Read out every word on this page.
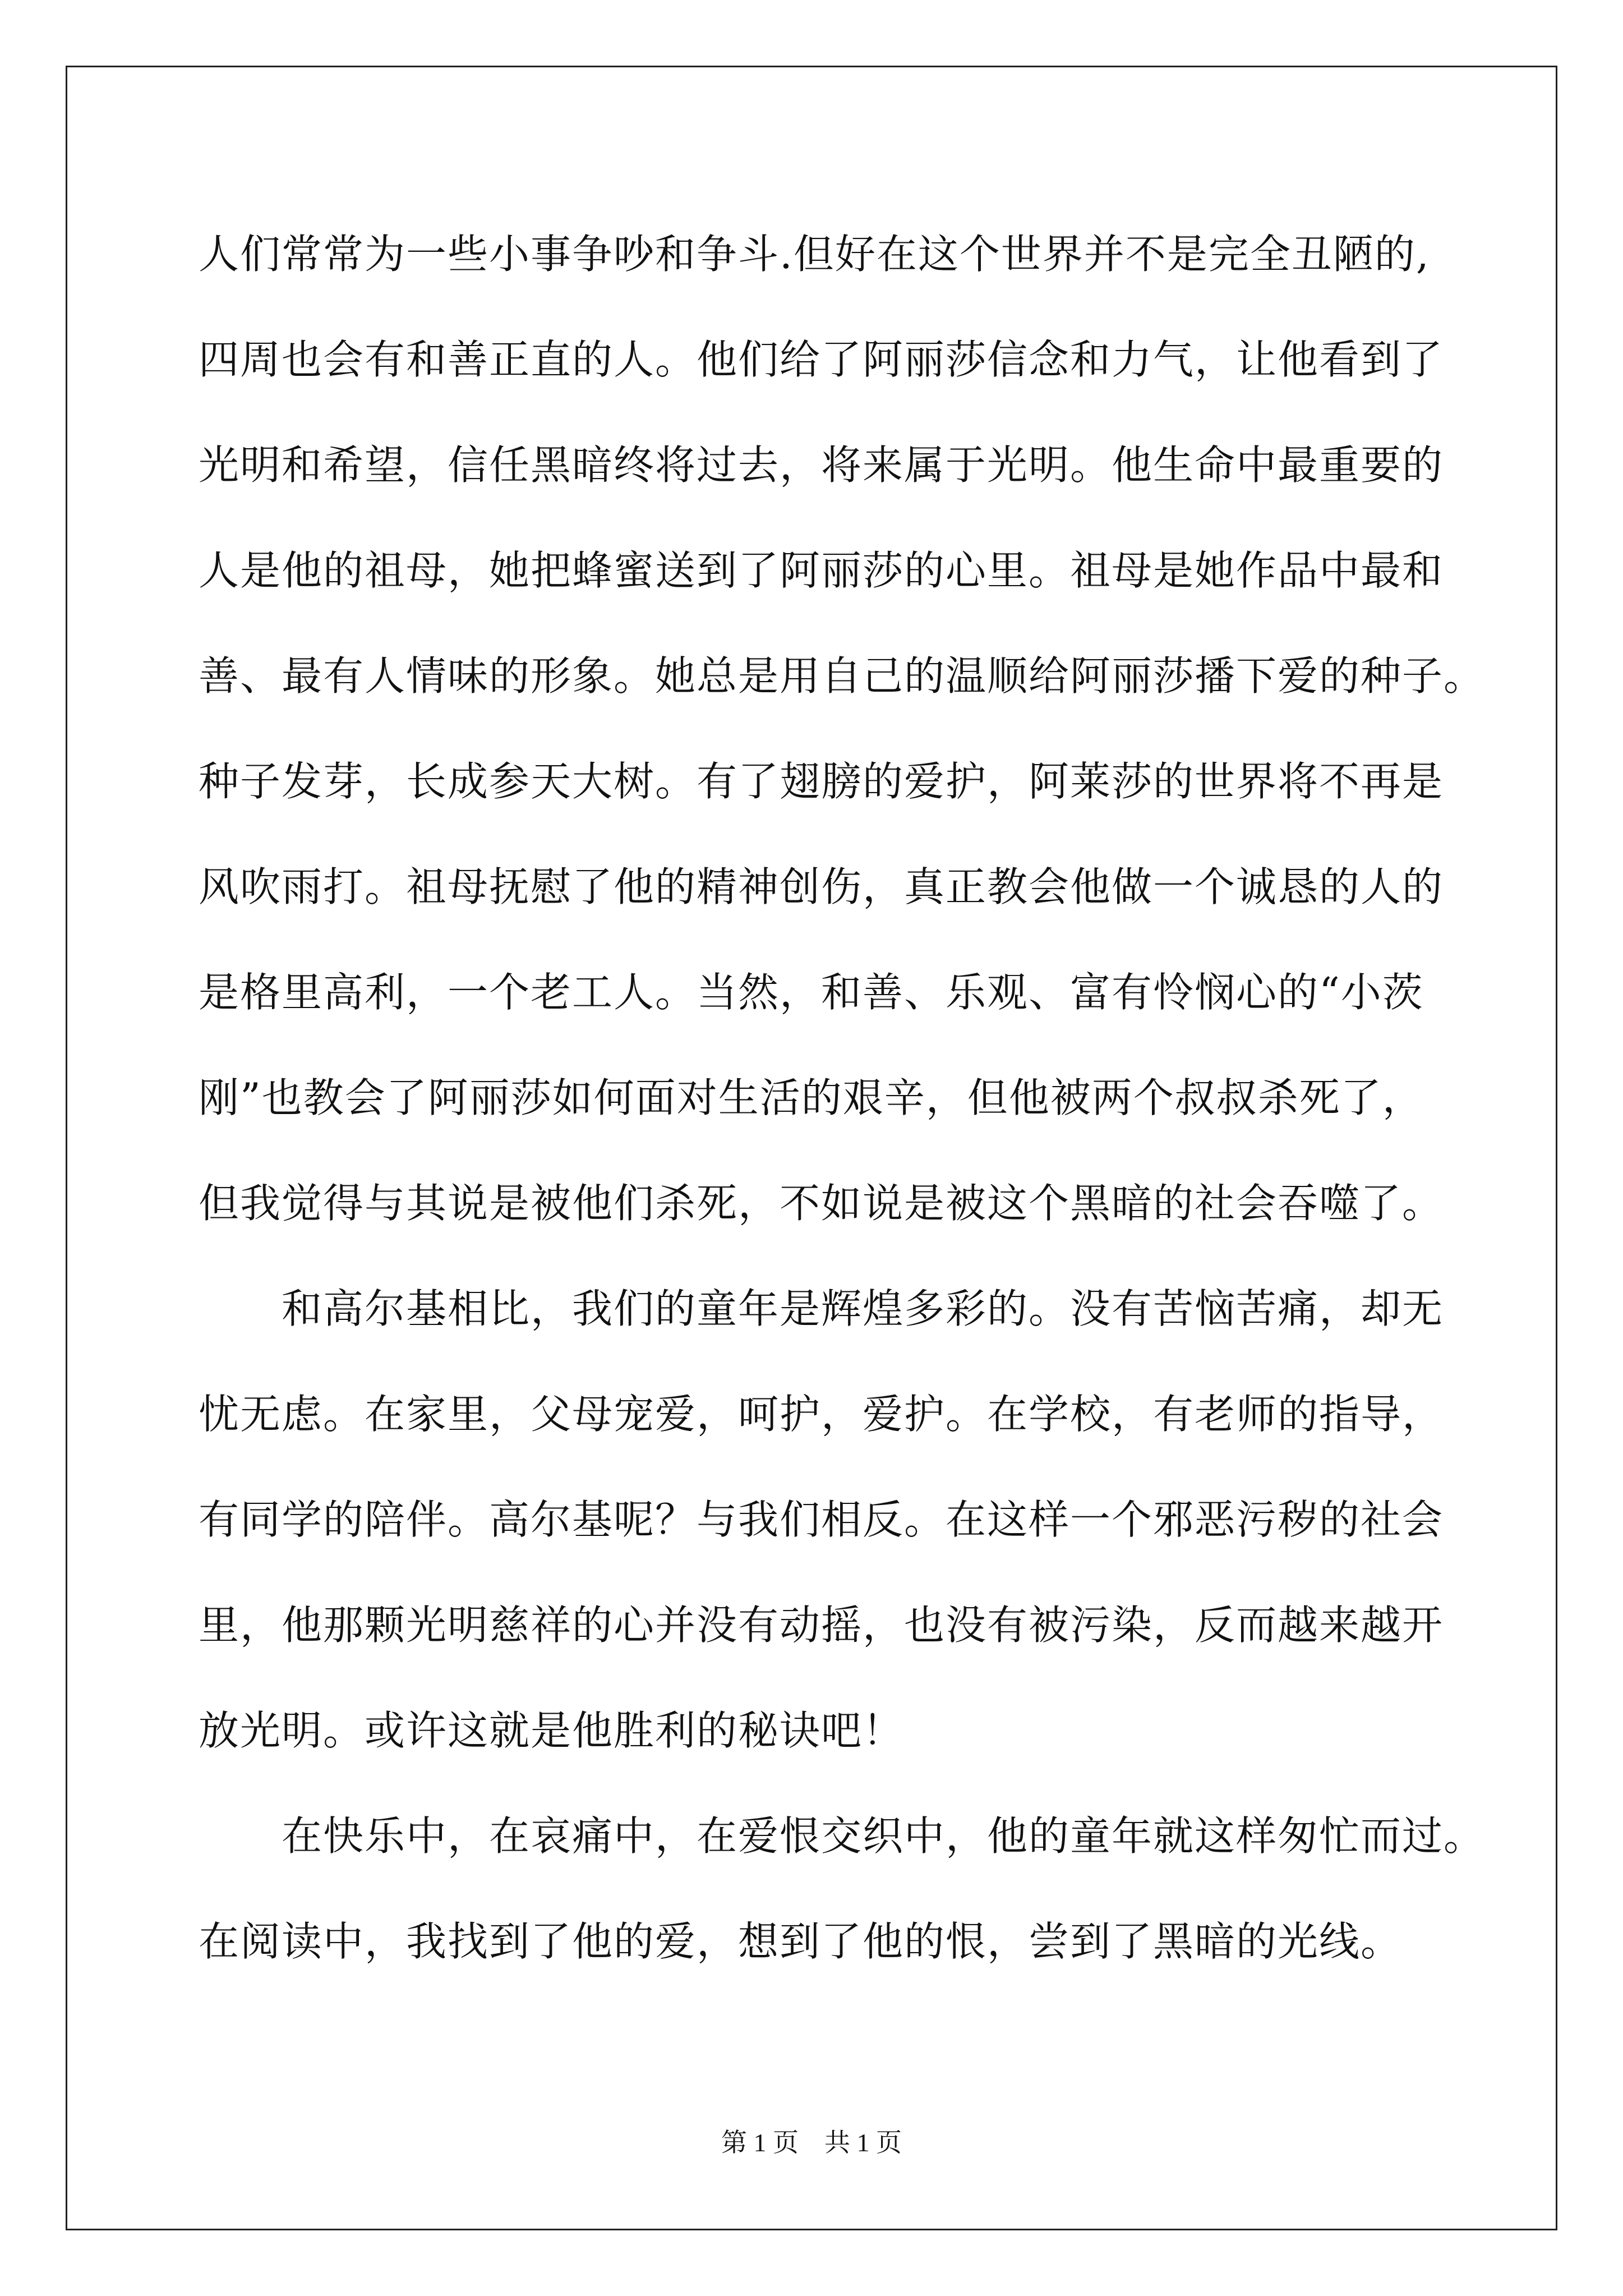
人们常常为一些小事争吵和争斗.但好在这个世界并不是完全丑陋的,
四周也会有和善正直的人。他们给了阿丽莎信念和力气，让他看到了
光明和希望，信任黑暗终将过去，将来属于光明。他生命中最重要的
人是他的祖母，她把蜂蜜送到了阿丽莎的心里。祖母是她作品中最和
善、最有人情味的形象。她总是用自己的温顺给阿丽莎播下爱的种子。
种子发芽，长成参天大树。有了翅膀的爱护，阿莱莎的世界将不再是
风吹雨打。祖母抚慰了他的精神创伤，真正教会他做一个诚恳的人的
是格里高利，一个老工人。当然，和善、乐观、富有怜悯心的“小茨
刚”也教会了阿丽莎如何面对生活的艰辛，但他被两个叔叔杀死了，
但我觉得与其说是被他们杀死，不如说是被这个黑暗的社会吞噬了。
　　和高尔基相比，我们的童年是辉煌多彩的。没有苦恼苦痛，却无
忧无虑。在家里，父母宠爱，呵护，爱护。在学校，有老师的指导，
有同学的陪伴。高尔基呢？与我们相反。在这样一个邪恶污秽的社会
里，他那颗光明慈祥的心并没有动摇，也没有被污染，反而越来越开
放光明。或许这就是他胜利的秘诀吧！
　　在快乐中，在哀痛中，在爱恨交织中，他的童年就这样匆忙而过。
在阅读中，我找到了他的爱，想到了他的恨，尝到了黑暗的光线。
第 1 页 共 1 页
